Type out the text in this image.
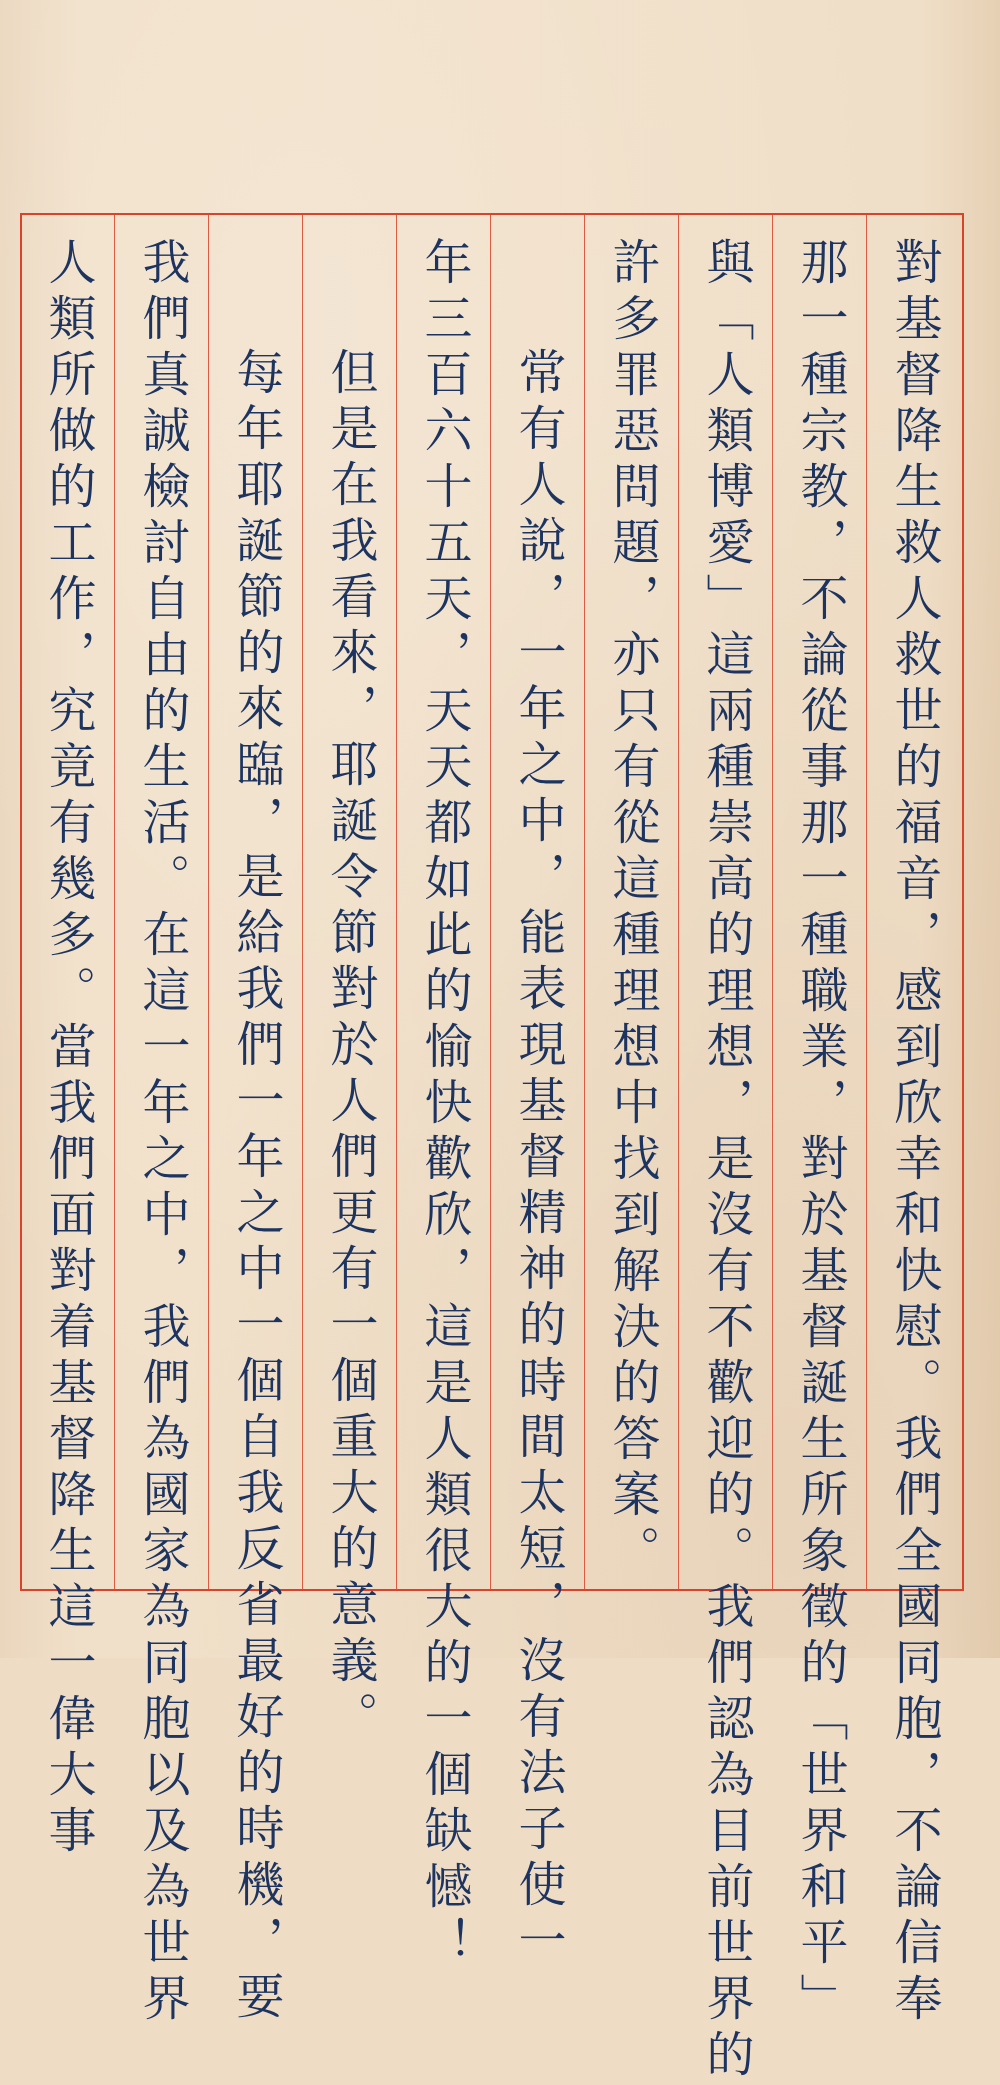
對基督降生救人救世的福音，感到欣幸和快慰。我們全國同胞，不論信奉
那一種宗教，不論從事那一種職業，對於基督誕生所象徵的「世界和平」
與「人類博愛」這兩種崇高的理想，是沒有不歡迎的。我們認為目前世界的
許多罪惡問題，亦只有從這種理想中找到解決的答案。
常有人說，一年之中，能表現基督精神的時間太短，沒有法子使一
年三百六十五天，天天都如此的愉快歡欣，這是人類很大的一個缺憾！
但是在我看來，耶誕令節對於人們更有一個重大的意義。
每年耶誕節的來臨，是給我們一年之中一個自我反省最好的時機，要
我們真誠檢討自由的生活。在這一年之中，我們為國家為同胞以及為世界
人類所做的工作，究竟有幾多。當我們面對着基督降生這一偉大事
